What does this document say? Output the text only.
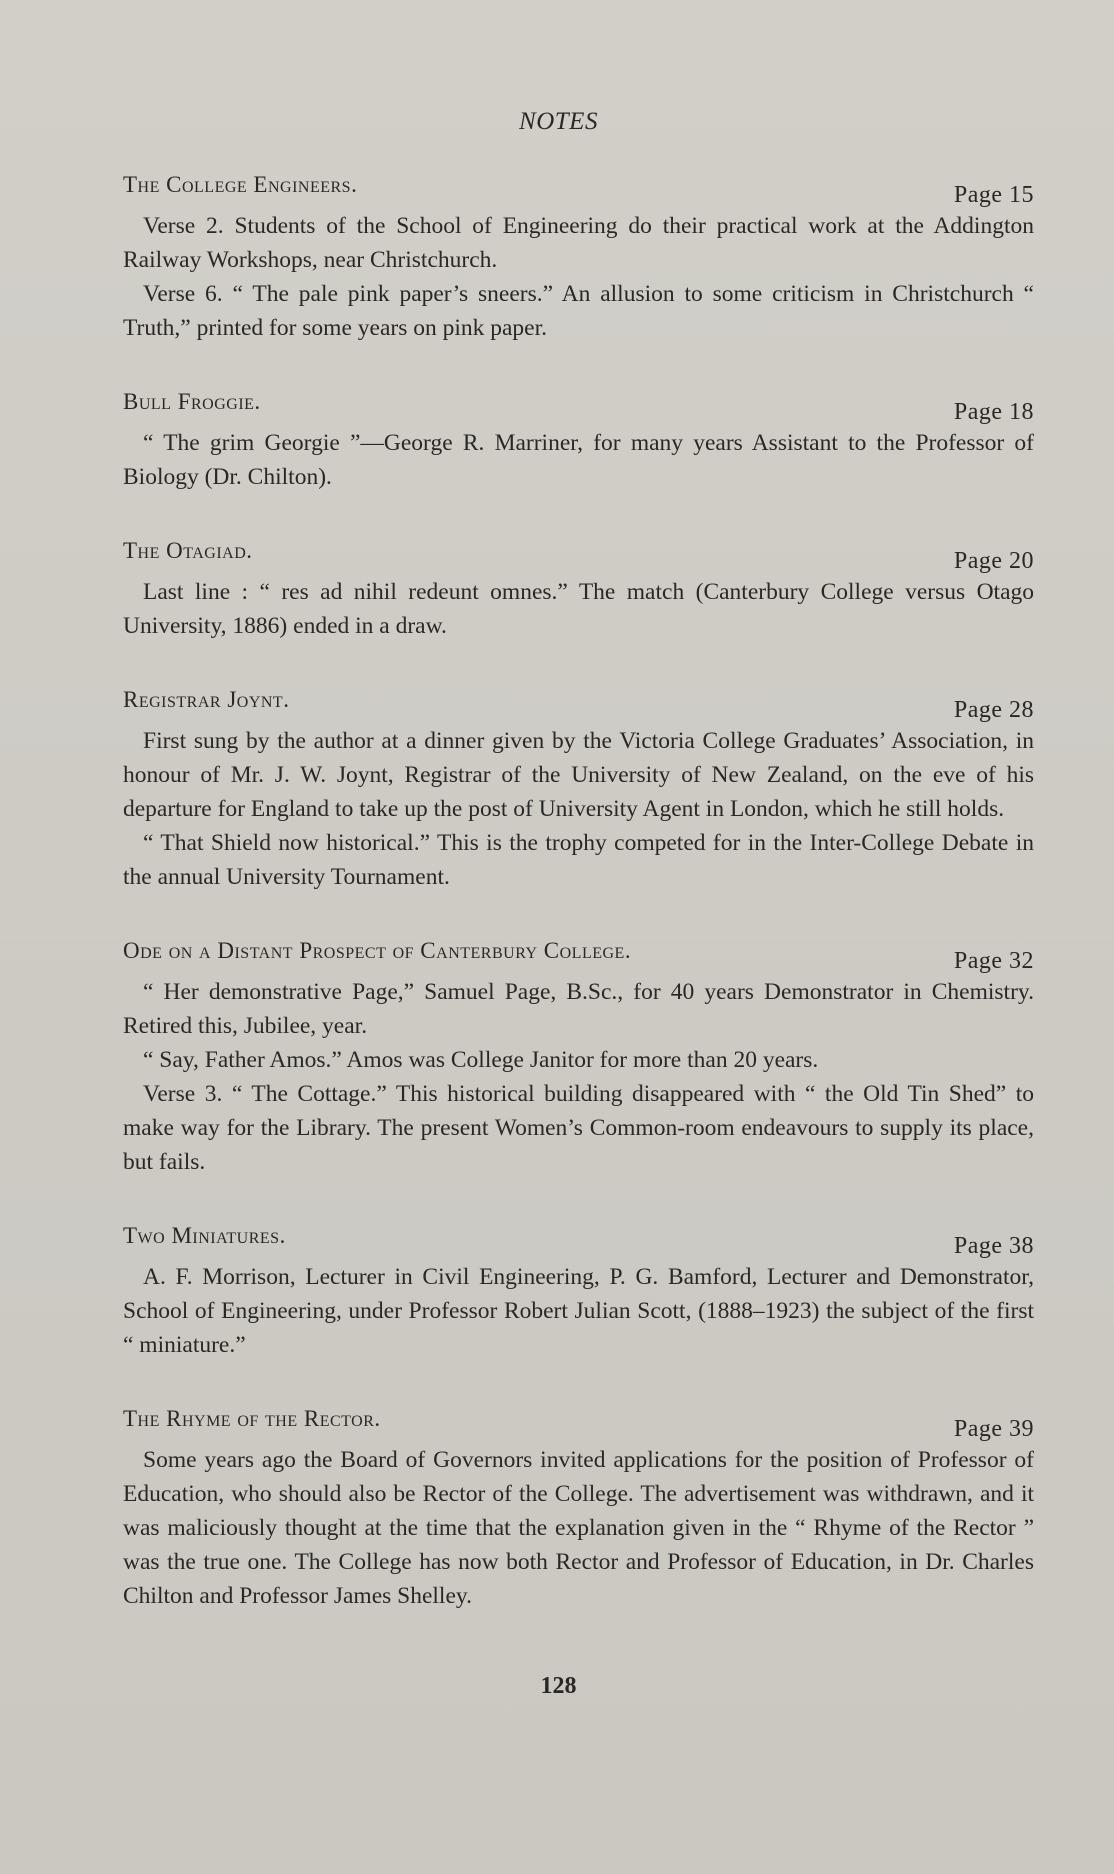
NOTES
The College Engineers.	Page 15

Verse 2. Students of the School of Engineering do their practical work at the Addington Railway Workshops, near Christchurch.

Verse 6. “ The pale pink paper’s sneers.” An allusion to some criticism in Christchurch “ Truth,” printed for some years on pink paper.

Bull Froggie.	Page 18

“ The grim Georgie ”—George R. Marriner, for many years Assistant to the Professor of Biology (Dr. Chilton).

The Otagiad.	Page 20

Last line : “ res ad nihil redeunt omnes.” The match (Canterbury College versus Otago University, 1886) ended in a draw.

Registrar Joynt.	Page 28

First sung by the author at a dinner given by the Victoria College Graduates’ Association, in honour of Mr. J. W. Joynt, Registrar of the University of New Zealand, on the eve of his departure for England to take up the post of University Agent in London, which he still holds.

“ That Shield now historical.” This is the trophy competed for in the Inter-College Debate in the annual University Tournament.

Ode on a Distant Prospect of Canterbury College.	Page 32

“ Her demonstrative Page,” Samuel Page, B.Sc., for 40 years Demonstrator in Chemistry. Retired this, Jubilee, year.

“ Say, Father Amos.” Amos was College Janitor for more than 20 years.

Verse 3. “ The Cottage.” This historical building disappeared with “ the Old Tin Shed” to make way for the Library. The present Women’s Common-room endeavours to supply its place, but fails.

Two Miniatures.	Page 38

A. F. Morrison, Lecturer in Civil Engineering, P. G. Bamford, Lecturer and Demonstrator, School of Engineering, under Professor Robert Julian Scott, (1888–1923) the subject of the first “ miniature.”

The Rhyme of the Rector.	Page 39

Some years ago the Board of Governors invited applications for the position of Professor of Education, who should also be Rector of the College. The advertisement was withdrawn, and it was maliciously thought at the time that the explanation given in the “ Rhyme of the Rector ” was the true one. The College has now both Rector and Professor of Education, in Dr. Charles Chilton and Professor James Shelley.

128
